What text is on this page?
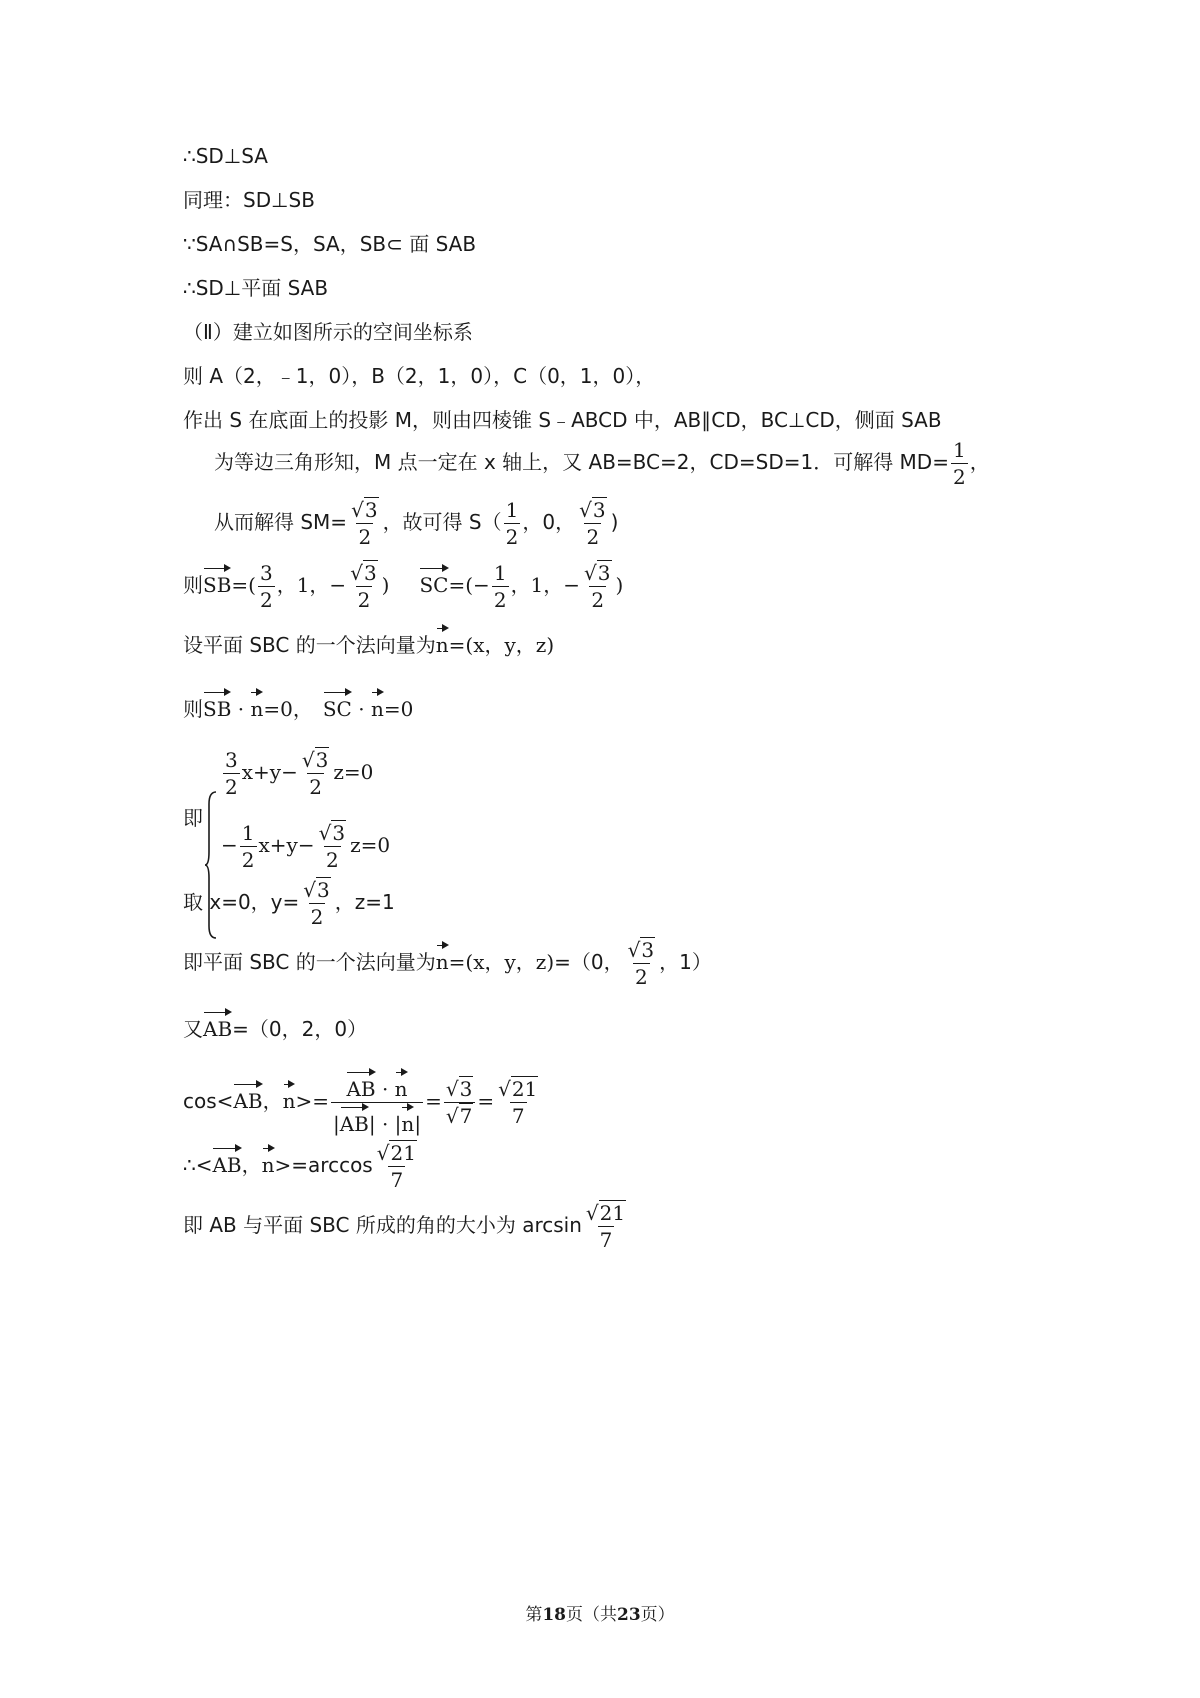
∴SD⊥SA
同理：SD⊥SB
∵SA∩SB=S，SA，SB⊂ 面 SAB
∴SD⊥平面 SAB
（Ⅱ）建立如图所示的空间坐标系
则 A（2，﹣1，0），B（2，1，0），C（0，1，0），
作出 S 在底面上的投影 M，则由四棱锥 S﹣ABCD 中，AB∥CD，BC⊥CD，侧面 SAB
为等边三角形知，M 点一定在 x 轴上，又 AB=BC=2，CD=SD=1．可解得 $MD= \frac{1}{2}$ ，
从而解得 $SM= \frac{√3}{2}$ ，故可得 $S( \frac{1}{2}$ ，0， $\frac{√3}{2}$ )
则$SB=( \frac{3}{2}$ ，1，− $\frac{√3}{2}$ ) $SC=(- \frac{1}{2}$ ，1，− $\frac{√3}{2}$ )
设平面 SBC 的一个法向量为n=(x，y，z)
则SB · n=0， SC · n=0
即
$\frac{3}{2} x+y- \frac{√3}{2} z=0$
− $\frac{1}{2} x+y- \frac{√3}{2} z=0$
取 x=0，$y= \frac{√3}{2}$ ，z=1
即平面 SBC 的一个法向量为n=(x，y，z)=（0， $\frac{√3}{2}$ ，1）
又AB=（0，2，0）
cos<AB，$n>= \frac{AB \cdot n}{|AB| \cdot |n|} = \frac{√3}{√7} = \frac{√21}{7}$
∴<AB，$n>=\arccos \frac{√21}{7}$
即 AB 与平面 SBC 所成的角的大小为 $\arcsin \frac{√21}{7}$
第18页（共23页）
